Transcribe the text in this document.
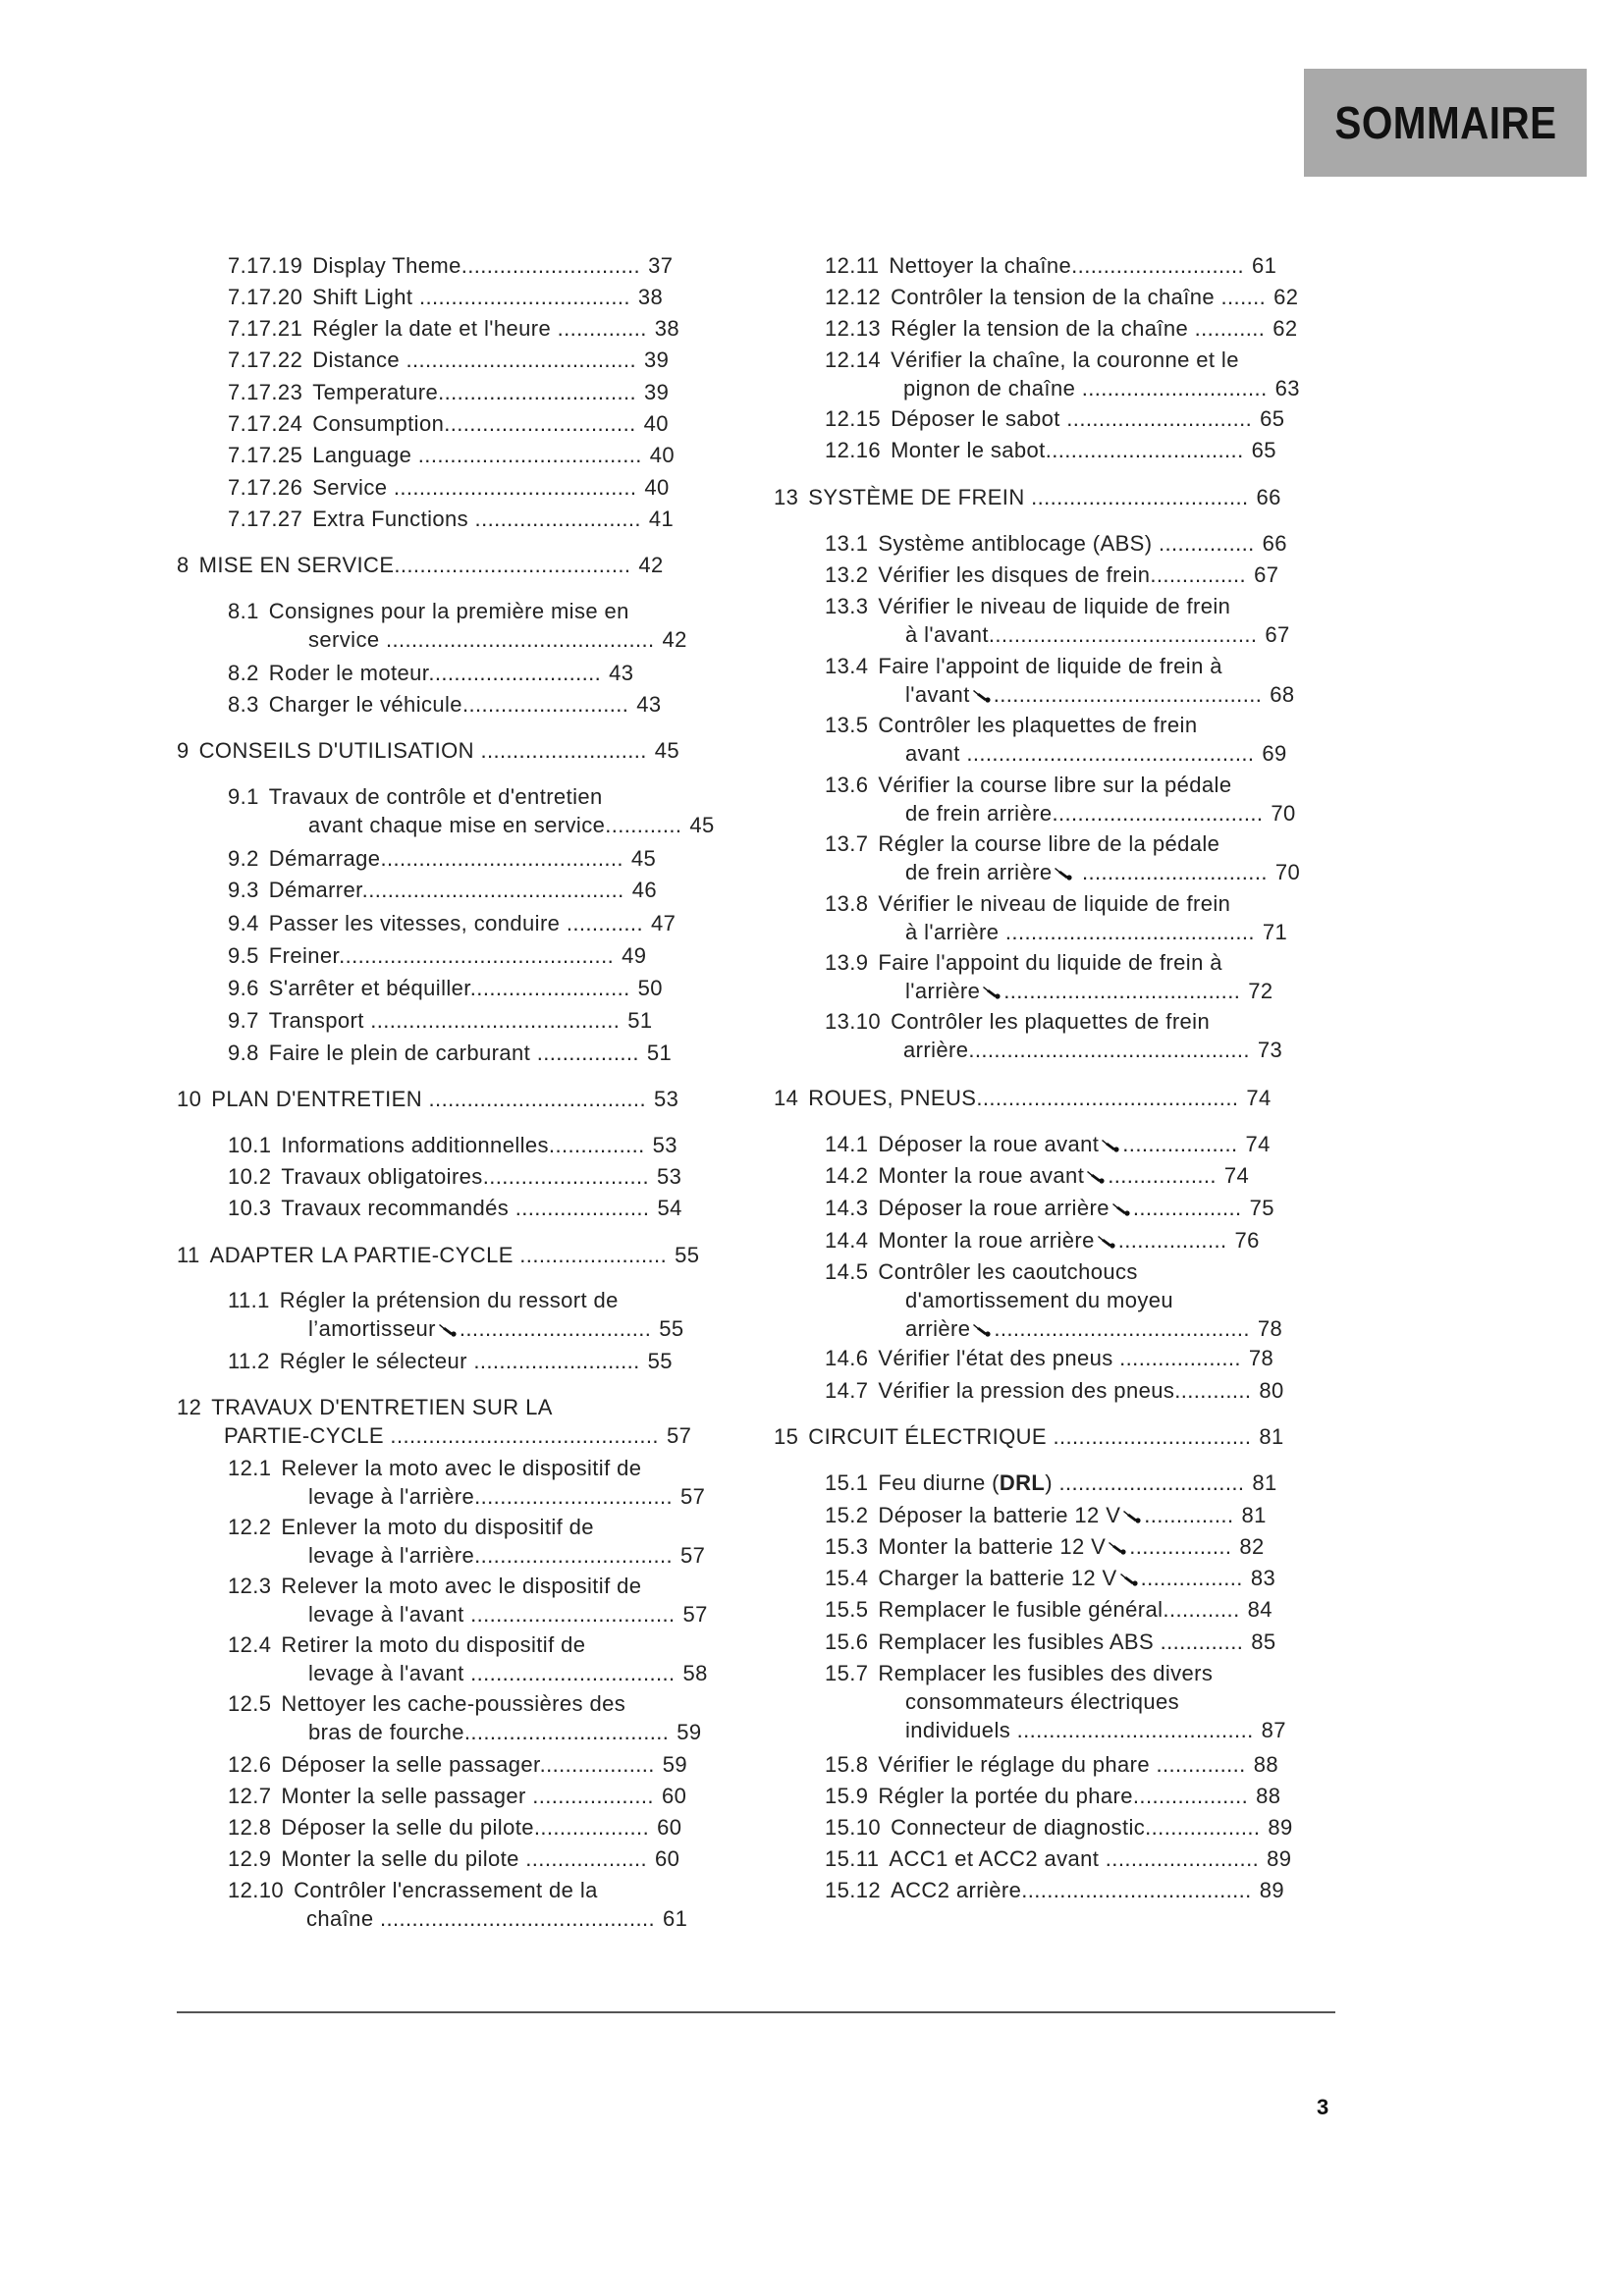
SOMMAIRE
7.17.19 Display Theme............................ 37
7.17.20 Shift Light ................................. 38
7.17.21 Régler la date et l'heure .............. 38
7.17.22 Distance .................................... 39
7.17.23 Temperature............................... 39
7.17.24 Consumption.............................. 40
7.17.25 Language ................................... 40
7.17.26 Service ...................................... 40
7.17.27 Extra Functions .......................... 41
8 MISE EN SERVICE..................................... 42
8.1 Consignes pour la première mise en
service .......................................... 42
8.2 Roder le moteur........................... 43
8.3 Charger le véhicule.......................... 43
9 CONSEILS D'UTILISATION .......................... 45
9.1 Travaux de contrôle et d'entretien
avant chaque mise en service............ 45
9.2 Démarrage...................................... 45
9.3 Démarrer......................................... 46
9.4 Passer les vitesses, conduire ............ 47
9.5 Freiner........................................... 49
9.6 S'arrêter et béquiller......................... 50
9.7 Transport ....................................... 51
9.8 Faire le plein de carburant ................ 51
10 PLAN D'ENTRETIEN .................................. 53
10.1 Informations additionnelles............... 53
10.2 Travaux obligatoires.......................... 53
10.3 Travaux recommandés ..................... 54
11 ADAPTER LA PARTIE-CYCLE ....................... 55
11.1 Régler la prétension du ressort de
l’amortisseur .............................. 55
11.2 Régler le sélecteur .......................... 55
12 TRAVAUX D'ENTRETIEN SUR LA
PARTIE-CYCLE .......................................... 57
12.1 Relever la moto avec le dispositif de
levage à l'arrière............................... 57
12.2 Enlever la moto du dispositif de
levage à l'arrière............................... 57
12.3 Relever la moto avec le dispositif de
levage à l'avant ................................ 57
12.4 Retirer la moto du dispositif de
levage à l'avant ................................ 58
12.5 Nettoyer les cache-poussières des
bras de fourche................................ 59
12.6 Déposer la selle passager.................. 59
12.7 Monter la selle passager ................... 60
12.8 Déposer la selle du pilote.................. 60
12.9 Monter la selle du pilote ................... 60
12.10 Contrôler l'encrassement de la
chaîne ........................................... 61
12.11 Nettoyer la chaîne........................... 61
12.12 Contrôler la tension de la chaîne ....... 62
12.13 Régler la tension de la chaîne ........... 62
12.14 Vérifier la chaîne, la couronne et le
pignon de chaîne ............................. 63
12.15 Déposer le sabot ............................. 65
12.16 Monter le sabot............................... 65
13 SYSTÈME DE FREIN .................................. 66
13.1 Système antiblocage (ABS) ............... 66
13.2 Vérifier les disques de frein............... 67
13.3 Vérifier le niveau de liquide de frein
à l'avant.......................................... 67
13.4 Faire l'appoint de liquide de frein à
l'avant .......................................... 68
13.5 Contrôler les plaquettes de frein
avant ............................................. 69
13.6 Vérifier la course libre sur la pédale
de frein arrière................................. 70
13.7 Régler la course libre de la pédale
de frein arrière ............................. 70
13.8 Vérifier le niveau de liquide de frein
à l'arrière ....................................... 71
13.9 Faire l'appoint du liquide de frein à
l'arrière ..................................... 72
13.10 Contrôler les plaquettes de frein
arrière............................................ 73
14 ROUES, PNEUS......................................... 74
14.1 Déposer la roue avant .................. 74
14.2 Monter la roue avant ................. 74
14.3 Déposer la roue arrière ................. 75
14.4 Monter la roue arrière ................. 76
14.5 Contrôler les caoutchoucs
d'amortissement du moyeu
arrière ........................................ 78
14.6 Vérifier l'état des pneus ................... 78
14.7 Vérifier la pression des pneus............ 80
15 CIRCUIT ÉLECTRIQUE ............................... 81
15.1 Feu diurne (DRL) ............................. 81
15.2 Déposer la batterie 12 V .............. 81
15.3 Monter la batterie 12 V ................ 82
15.4 Charger la batterie 12 V ................ 83
15.5 Remplacer le fusible général............ 84
15.6 Remplacer les fusibles ABS ............. 85
15.7 Remplacer les fusibles des divers
consommateurs électriques
individuels ..................................... 87
15.8 Vérifier le réglage du phare .............. 88
15.9 Régler la portée du phare.................. 88
15.10 Connecteur de diagnostic.................. 89
15.11 ACC1 et ACC2 avant ........................ 89
15.12 ACC2 arrière.................................... 89
3
